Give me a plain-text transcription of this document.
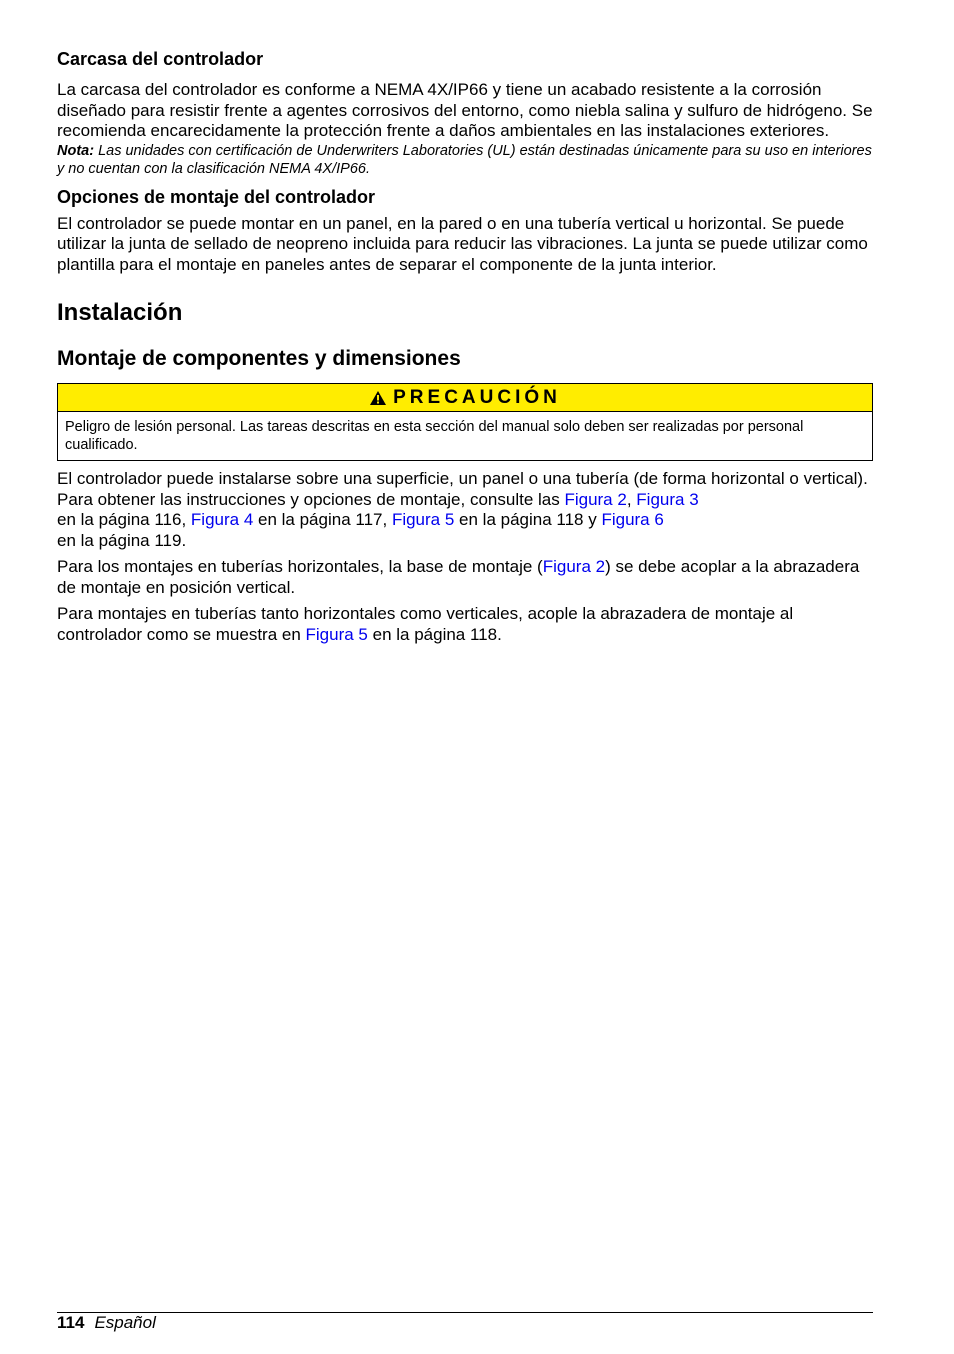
Carcasa del controlador

La carcasa del controlador es conforme a NEMA 4X/IP66 y tiene un acabado resistente a la corrosión diseñado para resistir frente a agentes corrosivos del entorno, como niebla salina y sulfuro de hidrógeno. Se recomienda encarecidamente la protección frente a daños ambientales en las instalaciones exteriores.

Nota: Las unidades con certificación de Underwriters Laboratories (UL) están destinadas únicamente para su uso en interiores y no cuentan con la clasificación NEMA 4X/IP66.
Opciones de montaje del controlador

El controlador se puede montar en un panel, en la pared o en una tubería vertical u horizontal. Se puede utilizar la junta de sellado de neopreno incluida para reducir las vibraciones. La junta se puede utilizar como plantilla para el montaje en paneles antes de separar el componente de la junta interior.

Instalación
Montaje de componentes y dimensiones
PRECAUCIÓN
Peligro de lesión personal. Las tareas descritas en esta sección del manual solo deben ser realizadas por personal cualificado.

El controlador puede instalarse sobre una superficie, un panel o una tubería (de forma horizontal o vertical). Para obtener las instrucciones y opciones de montaje, consulte las Figura 2, Figura 3
en la página 116, Figura 4 en la página 117, Figura 5 en la página 118 y Figura 6
en la página 119.

Para los montajes en tuberías horizontales, la base de montaje (Figura 2) se debe acoplar a la abrazadera de montaje en posición vertical.

Para montajes en tuberías tanto horizontales como verticales, acople la abrazadera de montaje al controlador como se muestra en Figura 5 en la página 118.

114 Español
